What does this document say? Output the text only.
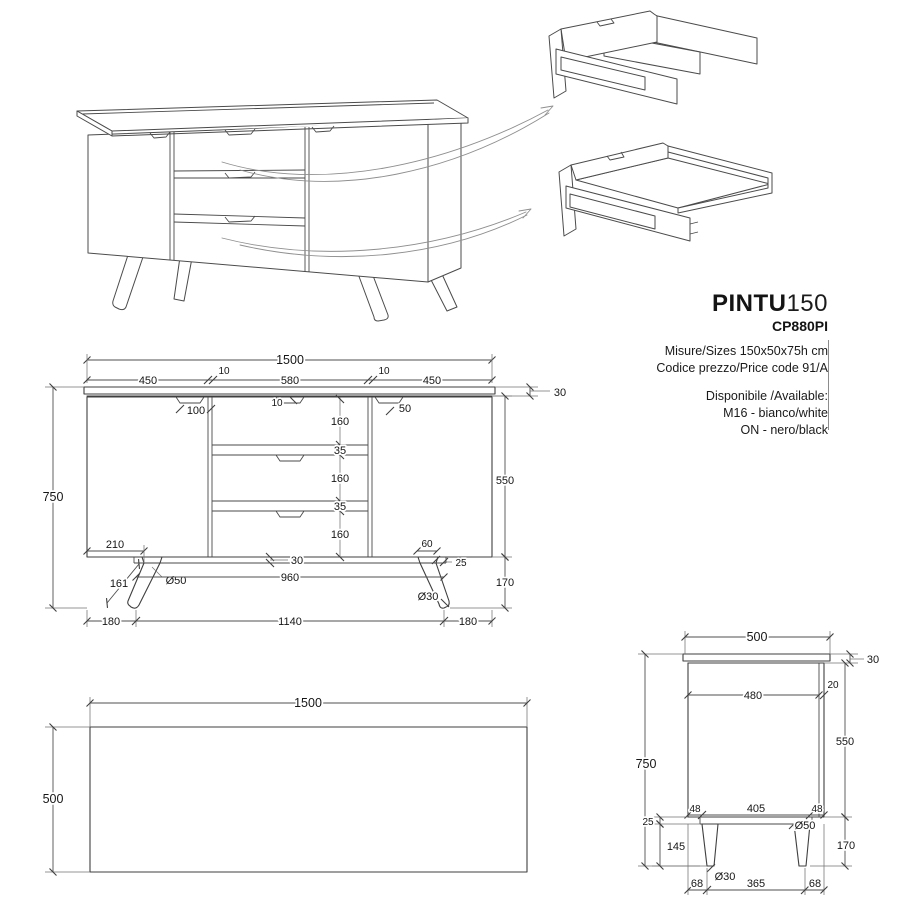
1500
450
10
580
10
450
30
750
550
170
160
35
160
35
160
10
100	50
210
161	Ø50
30
960
60
25
Ø30
180	1140	180
1500
500
500
30
480
20
550
750
48	405	48
Ø50
25
145	170
Ø30
68	365	68
PINTU150
CP880PI
Misure/Sizes 150x50x75h cm
Codice prezzo/Price code 91/A
Disponibile /Available:
M16 - bianco/white
ON - nero/black
